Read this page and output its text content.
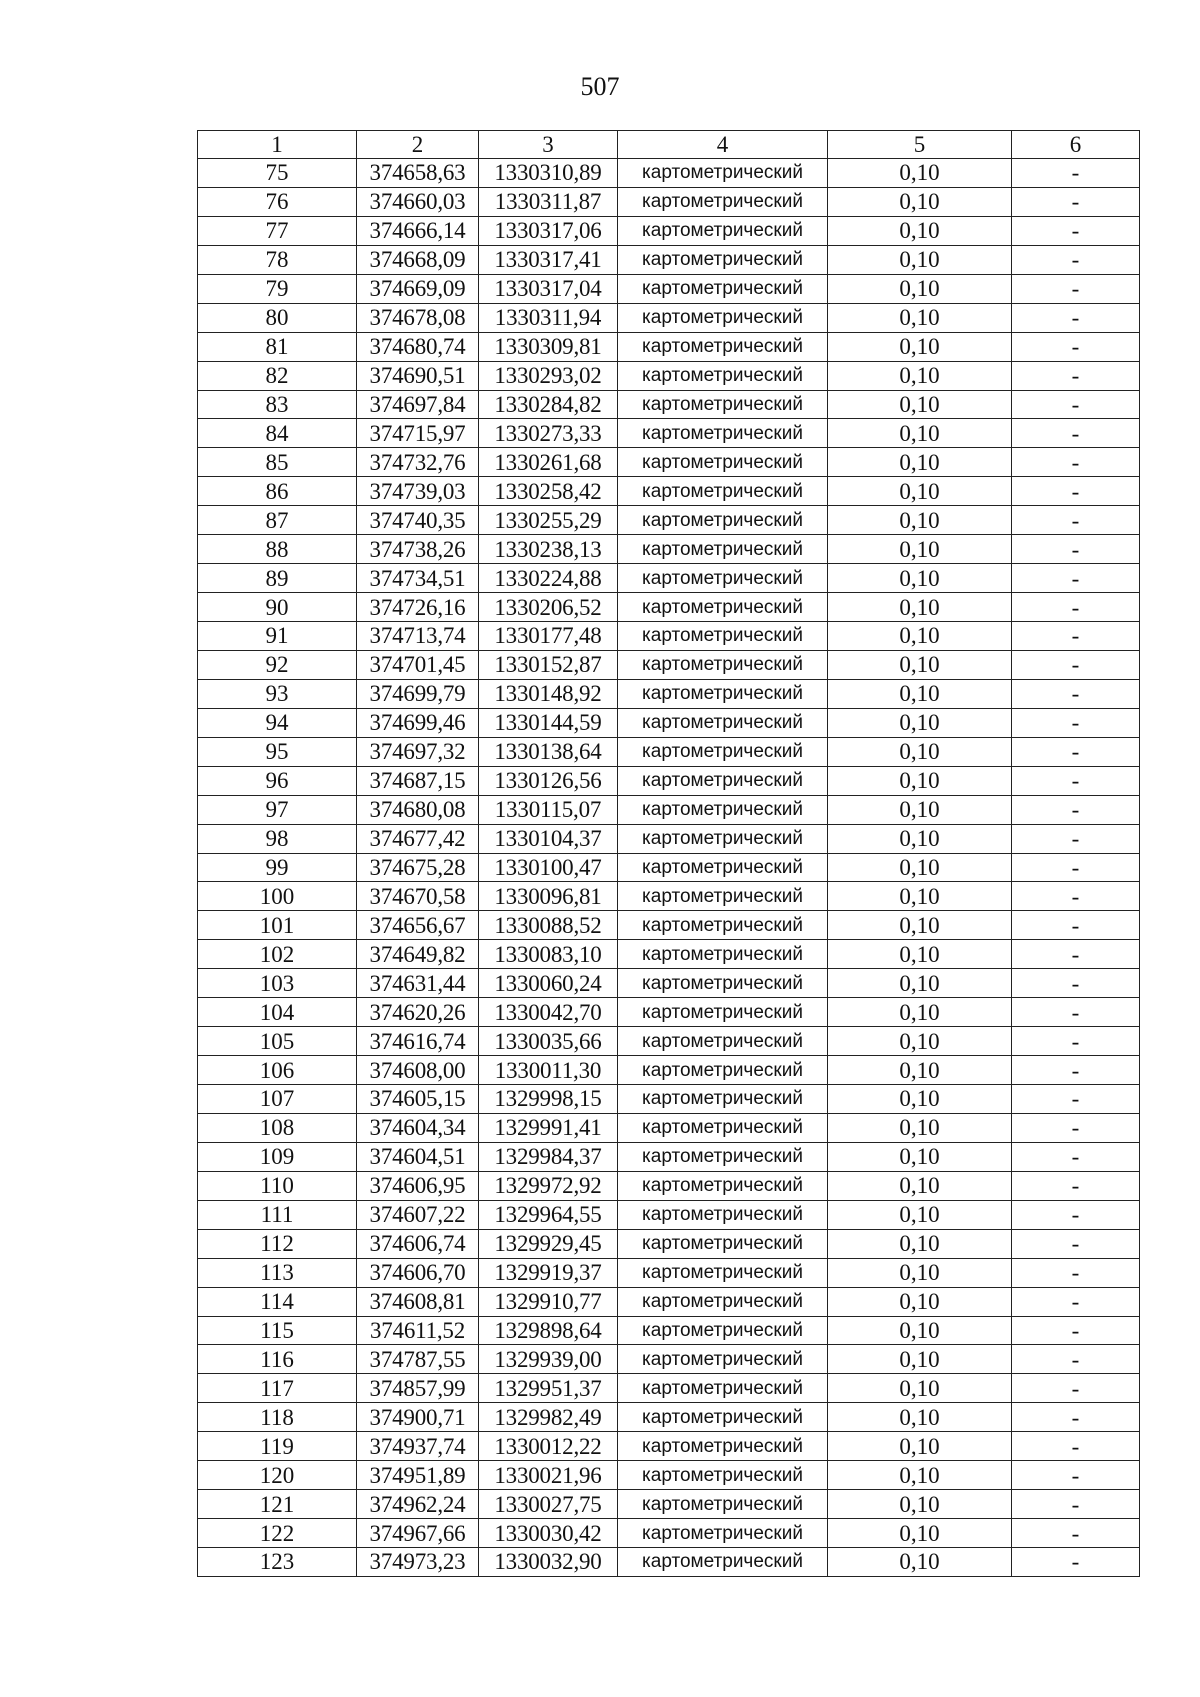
507
1	2	3	4	5	6
75	374658,63	1330310,89	картометрический	0,10	-
76	374660,03	1330311,87	картометрический	0,10	-
77	374666,14	1330317,06	картометрический	0,10	-
78	374668,09	1330317,41	картометрический	0,10	-
79	374669,09	1330317,04	картометрический	0,10	-
80	374678,08	1330311,94	картометрический	0,10	-
81	374680,74	1330309,81	картометрический	0,10	-
82	374690,51	1330293,02	картометрический	0,10	-
83	374697,84	1330284,82	картометрический	0,10	-
84	374715,97	1330273,33	картометрический	0,10	-
85	374732,76	1330261,68	картометрический	0,10	-
86	374739,03	1330258,42	картометрический	0,10	-
87	374740,35	1330255,29	картометрический	0,10	-
88	374738,26	1330238,13	картометрический	0,10	-
89	374734,51	1330224,88	картометрический	0,10	-
90	374726,16	1330206,52	картометрический	0,10	-
91	374713,74	1330177,48	картометрический	0,10	-
92	374701,45	1330152,87	картометрический	0,10	-
93	374699,79	1330148,92	картометрический	0,10	-
94	374699,46	1330144,59	картометрический	0,10	-
95	374697,32	1330138,64	картометрический	0,10	-
96	374687,15	1330126,56	картометрический	0,10	-
97	374680,08	1330115,07	картометрический	0,10	-
98	374677,42	1330104,37	картометрический	0,10	-
99	374675,28	1330100,47	картометрический	0,10	-
100	374670,58	1330096,81	картометрический	0,10	-
101	374656,67	1330088,52	картометрический	0,10	-
102	374649,82	1330083,10	картометрический	0,10	-
103	374631,44	1330060,24	картометрический	0,10	-
104	374620,26	1330042,70	картометрический	0,10	-
105	374616,74	1330035,66	картометрический	0,10	-
106	374608,00	1330011,30	картометрический	0,10	-
107	374605,15	1329998,15	картометрический	0,10	-
108	374604,34	1329991,41	картометрический	0,10	-
109	374604,51	1329984,37	картометрический	0,10	-
110	374606,95	1329972,92	картометрический	0,10	-
111	374607,22	1329964,55	картометрический	0,10	-
112	374606,74	1329929,45	картометрический	0,10	-
113	374606,70	1329919,37	картометрический	0,10	-
114	374608,81	1329910,77	картометрический	0,10	-
115	374611,52	1329898,64	картометрический	0,10	-
116	374787,55	1329939,00	картометрический	0,10	-
117	374857,99	1329951,37	картометрический	0,10	-
118	374900,71	1329982,49	картометрический	0,10	-
119	374937,74	1330012,22	картометрический	0,10	-
120	374951,89	1330021,96	картометрический	0,10	-
121	374962,24	1330027,75	картометрический	0,10	-
122	374967,66	1330030,42	картометрический	0,10	-
123	374973,23	1330032,90	картометрический	0,10	-
